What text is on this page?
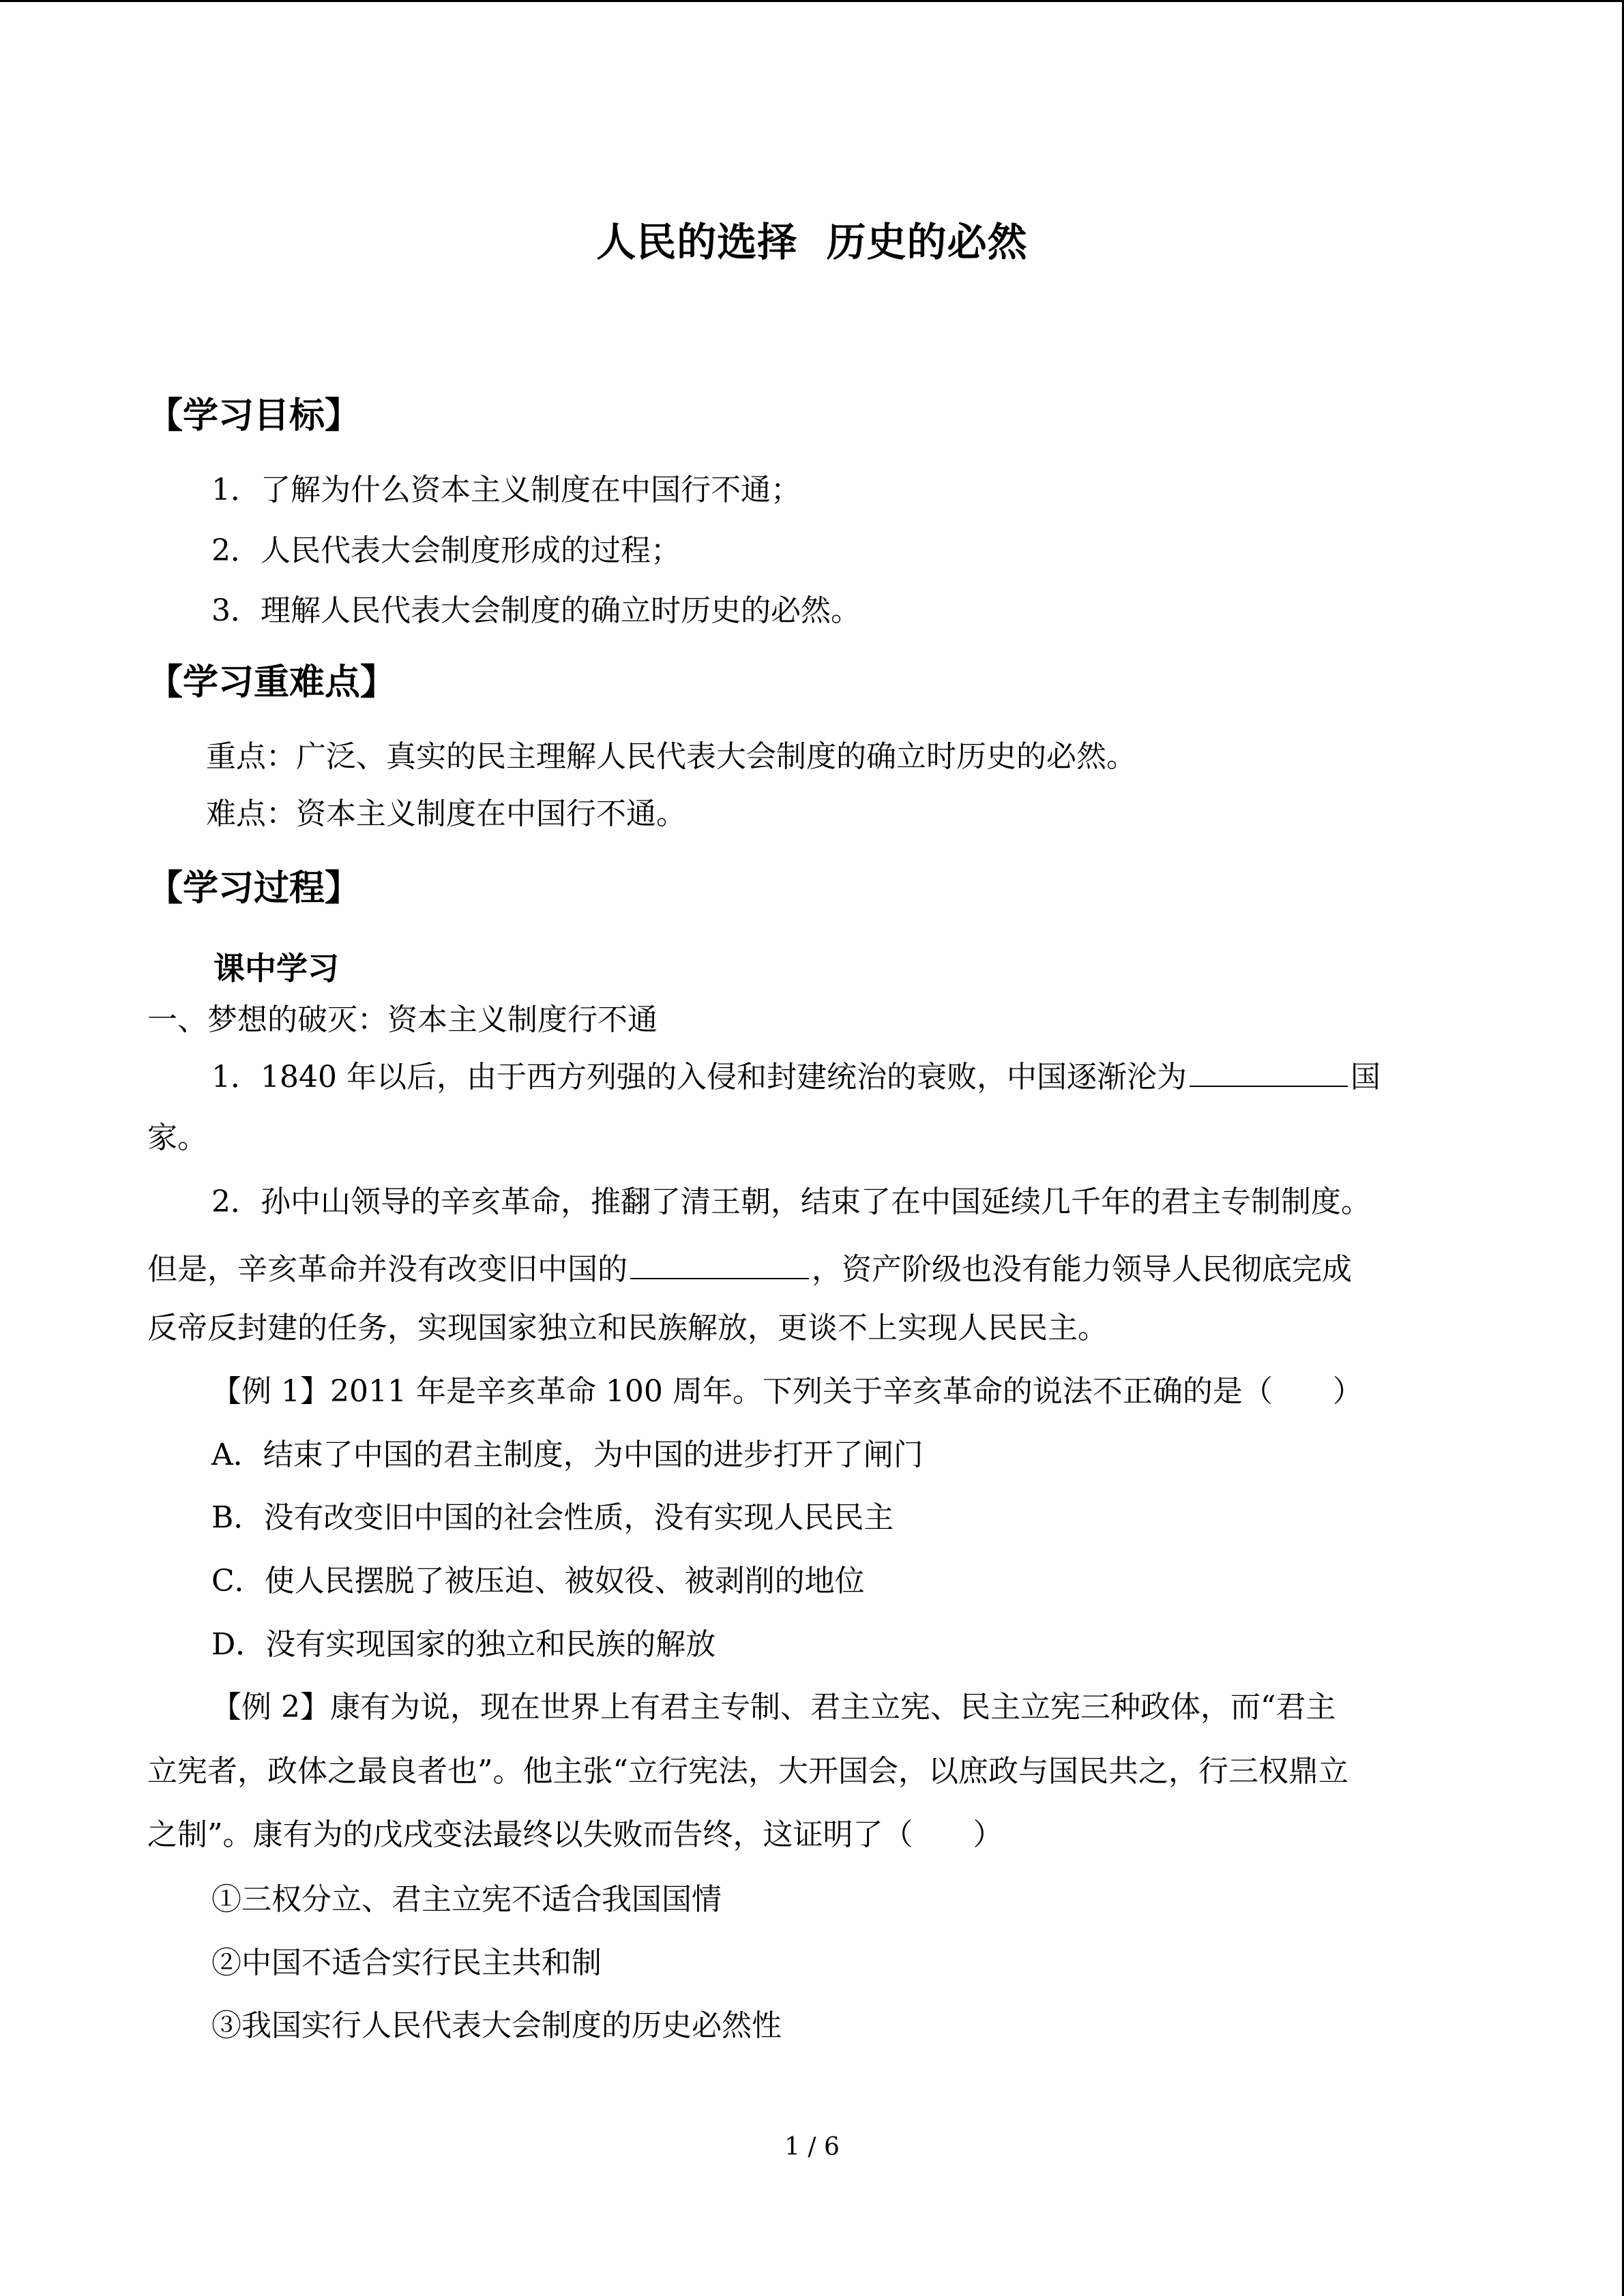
人民的选择  历史的必然
【学习目标】
1．了解为什么资本主义制度在中国行不通；
2．人民代表大会制度形成的过程；
3．理解人民代表大会制度的确立时历史的必然。
【学习重难点】
重点：广泛、真实的民主理解人民代表大会制度的确立时历史的必然。
难点：资本主义制度在中国行不通。
【学习过程】
课中学习
一、梦想的破灭：资本主义制度行不通
1．1840 年以后，由于西方列强的入侵和封建统治的衰败，中国逐渐沦为	国
家。
2．孙中山领导的辛亥革命，推翻了清王朝，结束了在中国延续几千年的君主专制制度。
但是，辛亥革命并没有改变旧中国的	，资产阶级也没有能力领导人民彻底完成
反帝反封建的任务，实现国家独立和民族解放，更谈不上实现人民民主。
【例 1】2011 年是辛亥革命 100 周年。下列关于辛亥革命的说法不正确的是（　　）
A．结束了中国的君主制度，为中国的进步打开了闸门
B．没有改变旧中国的社会性质，没有实现人民民主
C．使人民摆脱了被压迫、被奴役、被剥削的地位
D．没有实现国家的独立和民族的解放
【例 2】康有为说，现在世界上有君主专制、君主立宪、民主立宪三种政体，而“君主
立宪者，政体之最良者也”。他主张“立行宪法，大开国会，以庶政与国民共之，行三权鼎立
之制”。康有为的戊戌变法最终以失败而告终，这证明了（　　）
①三权分立、君主立宪不适合我国国情
②中国不适合实行民主共和制
③我国实行人民代表大会制度的历史必然性
1 / 6
